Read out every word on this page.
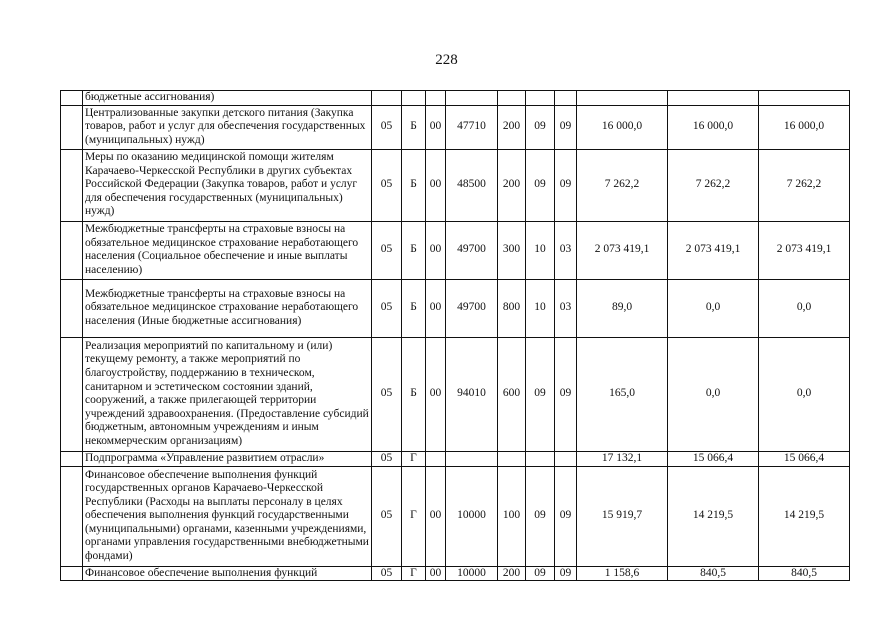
228
	бюджетные ассигнования)										
	Централизованные закупки детского питания (Закупка товаров, работ и услуг для обеспечения государственных (муниципальных) нужд)	05	Б	00	47710	200	09	09	16 000,0	16 000,0	16 000,0
	Меры по оказанию медицинской помощи жителям Карачаево-Черкесской Республики в других субъектах Российской Федерации (Закупка товаров, работ и услуг для обеспечения государственных (муниципальных) нужд)	05	Б	00	48500	200	09	09	7 262,2	7 262,2	7 262,2
	Межбюджетные трансферты на страховые взносы на обязательное медицинское страхование неработающего населения (Социальное обеспечение и иные выплаты населению)	05	Б	00	49700	300	10	03	2 073 419,1	2 073 419,1	2 073 419,1
	Межбюджетные трансферты на страховые взносы на обязательное медицинское страхование неработающего населения (Иные бюджетные ассигнования)	05	Б	00	49700	800	10	03	89,0	0,0	0,0
	Реализация мероприятий по капитальному и (или) текущему ремонту, а также мероприятий по благоустройству, поддержанию в техническом, санитарном и эстетическом состоянии зданий, сооружений, а также прилегающей территории учреждений здравоохранения. (Предоставление субсидий бюджетным, автономным учреждениям и иным некоммерческим организациям)	05	Б	00	94010	600	09	09	165,0	0,0	0,0
	Подпрограмма «Управление развитием отрасли»	05	Г						17 132,1	15 066,4	15 066,4
	Финансовое обеспечение выполнения функций государственных органов Карачаево-Черкесской Республики (Расходы на выплаты персоналу в целях обеспечения выполнения функций государственными (муниципальными) органами, казенными учреждениями, органами управления государственными внебюджетными фондами)	05	Г	00	10000	100	09	09	15 919,7	14 219,5	14 219,5
	Финансовое обеспечение выполнения функций	05	Г	00	10000	200	09	09	1 158,6	840,5	840,5
